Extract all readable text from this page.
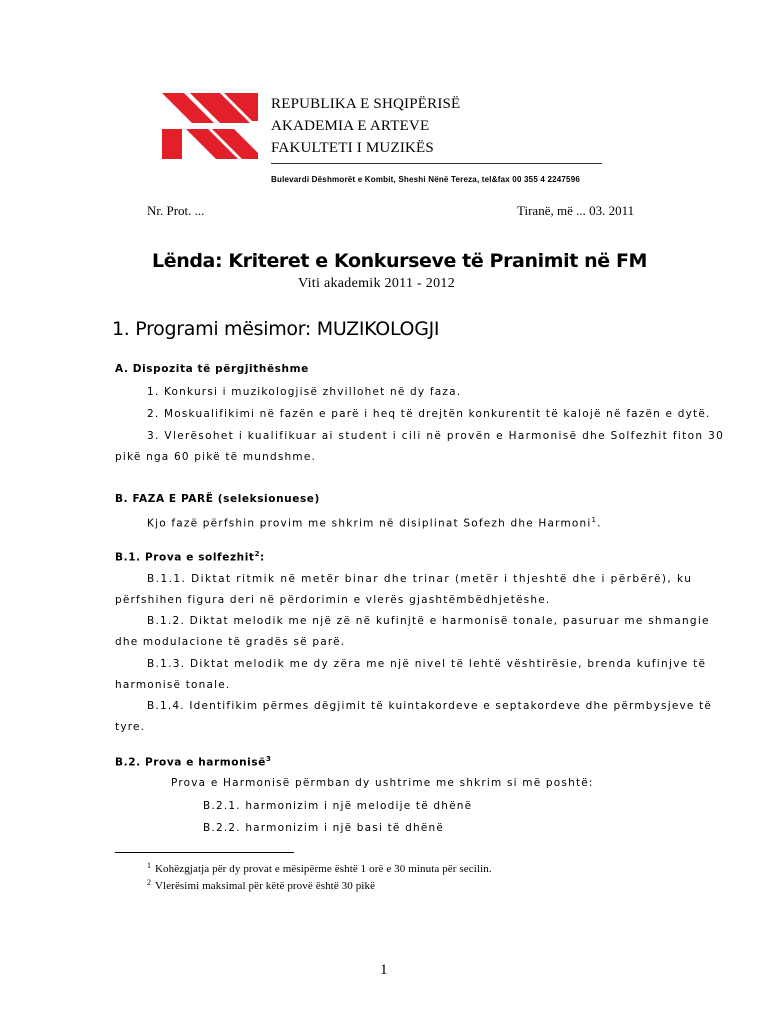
REPUBLIKA E SHQIPËRISË
AKADEMIA E ARTEVE
FAKULTETI I MUZIKËS
Bulevardi Dëshmorët e Kombit, Sheshi Nënë Tereza, tel&fax 00 355 4 2247596
Nr. Prot. ...	Tiranë, më ... 03. 2011
Lënda: Kriteret e Konkurseve të Pranimit në FM
Viti akademik 2011 - 2012
1. Programi mësimor: MUZIKOLOGJI
A. Dispozita të përgjithëshme
1. Konkursi i muzikologjisë zhvillohet në dy faza.
2. Moskualifikimi në fazën e parë i heq të drejtën konkurentit të kalojë në fazën e dytë.
3. Vlerësohet i kualifikuar ai student i cili në provën e Harmonisë dhe Solfezhit fiton 30
pikë nga 60 pikë të mundshme.
B. FAZA E PARË (seleksionuese)
Kjo fazë përfshin provim me shkrim në disiplinat Sofezh dhe Harmoni$^1$.
B.1. Prova e solfezhit$^2$:
B.1.1. Diktat ritmik në metër binar dhe trinar (metër i thjeshtë dhe i përbërë), ku
përfshihen figura deri në përdorimin e vlerës gjashtëmbëdhjetëshe.
B.1.2. Diktat melodik me një zë në kufinjtë e harmonisë tonale, pasuruar me shmangie
dhe modulacione të gradës së parë.
B.1.3. Diktat melodik me dy zëra me një nivel të lehtë vështirësie, brenda kufinjve të
harmonisë tonale.
B.1.4. Identifikim përmes dëgjimit të kuintakordeve e septakordeve dhe përmbysjeve të
tyre.
B.2. Prova e harmonisë$^3$
Prova e Harmonisë përmban dy ushtrime me shkrim si më poshtë:
B.2.1. harmonizim i një melodije të dhënë
B.2.2. harmonizim i një basi të dhënë
1 Kohëzgjatja për dy provat e mësipërme është 1 orë e 30 minuta për secilin.
2 Vlerësimi maksimal për këtë provë është 30 pikë
1
